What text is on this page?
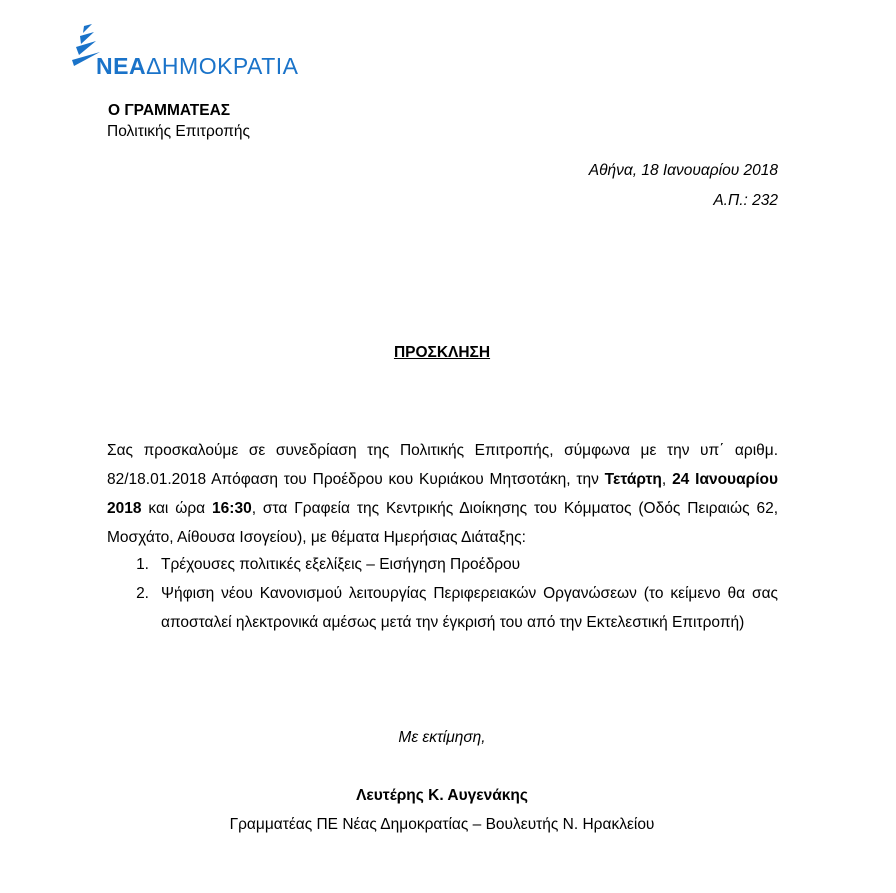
ΝΕΑΔΗΜΟΚΡΑΤΙΑ
Ο ΓΡΑΜΜΑΤΕΑΣ
Πολιτικής Επιτροπής
Αθήνα, 18 Ιανουαρίου 2018
Α.Π.: 232
ΠΡΟΣΚΛΗΣΗ
Σας προσκαλούμε σε συνεδρίαση της Πολιτικής Επιτροπής, σύμφωνα με την υπ΄ αριθμ. 82/18.01.2018 Απόφαση του Προέδρου κου Κυριάκου Μητσοτάκη, την Τετάρτη, 24 Ιανουαρίου 2018 και ώρα 16:30, στα Γραφεία της Κεντρικής Διοίκησης του Κόμματος (Οδός Πειραιώς 62, Μοσχάτο, Αίθουσα Ισογείου), με θέματα Ημερήσιας Διάταξης:
1. Τρέχουσες πολιτικές εξελίξεις – Εισήγηση Προέδρου
2. Ψήφιση νέου Κανονισμού λειτουργίας Περιφερειακών Οργανώσεων (το κείμενο θα σας αποσταλεί ηλεκτρονικά αμέσως μετά την έγκρισή του από την Εκτελεστική Επιτροπή)
Με εκτίμηση,
Λευτέρης Κ. Αυγενάκης
Γραμματέας ΠΕ Νέας Δημοκρατίας – Βουλευτής Ν. Ηρακλείου
